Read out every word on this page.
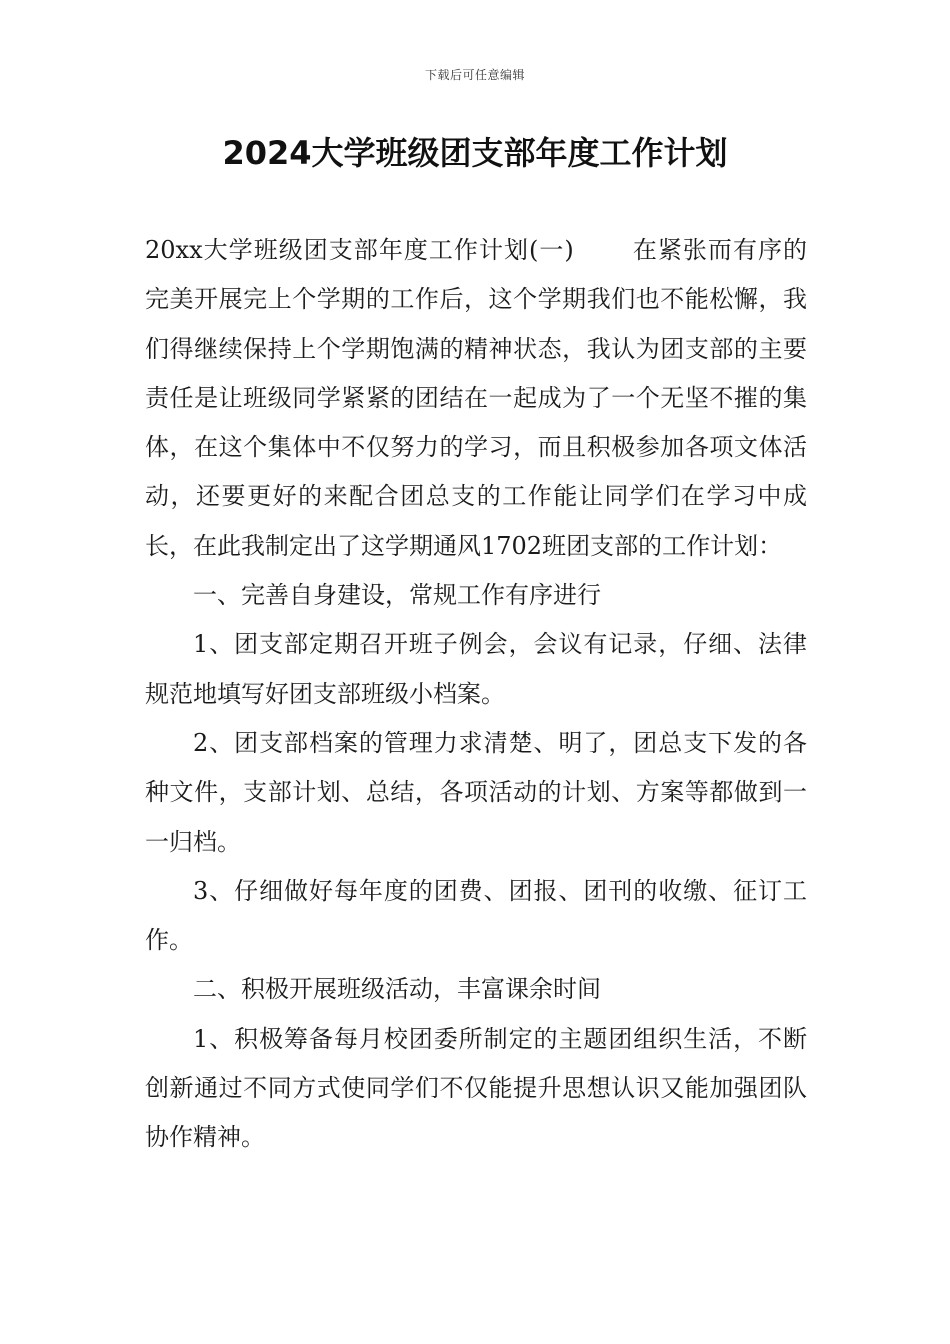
下载后可任意编辑
2024大学班级团支部年度工作计划

20xx大学班级团支部年度工作计划(一) 在紧张而有序的完美开展完上个学期的工作后，这个学期我们也不能松懈，我们得继续保持上个学期饱满的精神状态，我认为团支部的主要责任是让班级同学紧紧的团结在一起成为了一个无坚不摧的集体，在这个集体中不仅努力的学习，而且积极参加各项文体活动，还要更好的来配合团总支的工作能让同学们在学习中成长，在此我制定出了这学期通风1702班团支部的工作计划：

一、完善自身建设，常规工作有序进行

1、团支部定期召开班子例会，会议有记录，仔细、法律规范地填写好团支部班级小档案。

2、团支部档案的管理力求清楚、明了，团总支下发的各种文件，支部计划、总结，各项活动的计划、方案等都做到一一归档。

3、仔细做好每年度的团费、团报、团刊的收缴、征订工作。

二、积极开展班级活动，丰富课余时间

1、积极筹备每月校团委所制定的主题团组织生活，不断创新通过不同方式使同学们不仅能提升思想认识又能加强团队协作精神。
